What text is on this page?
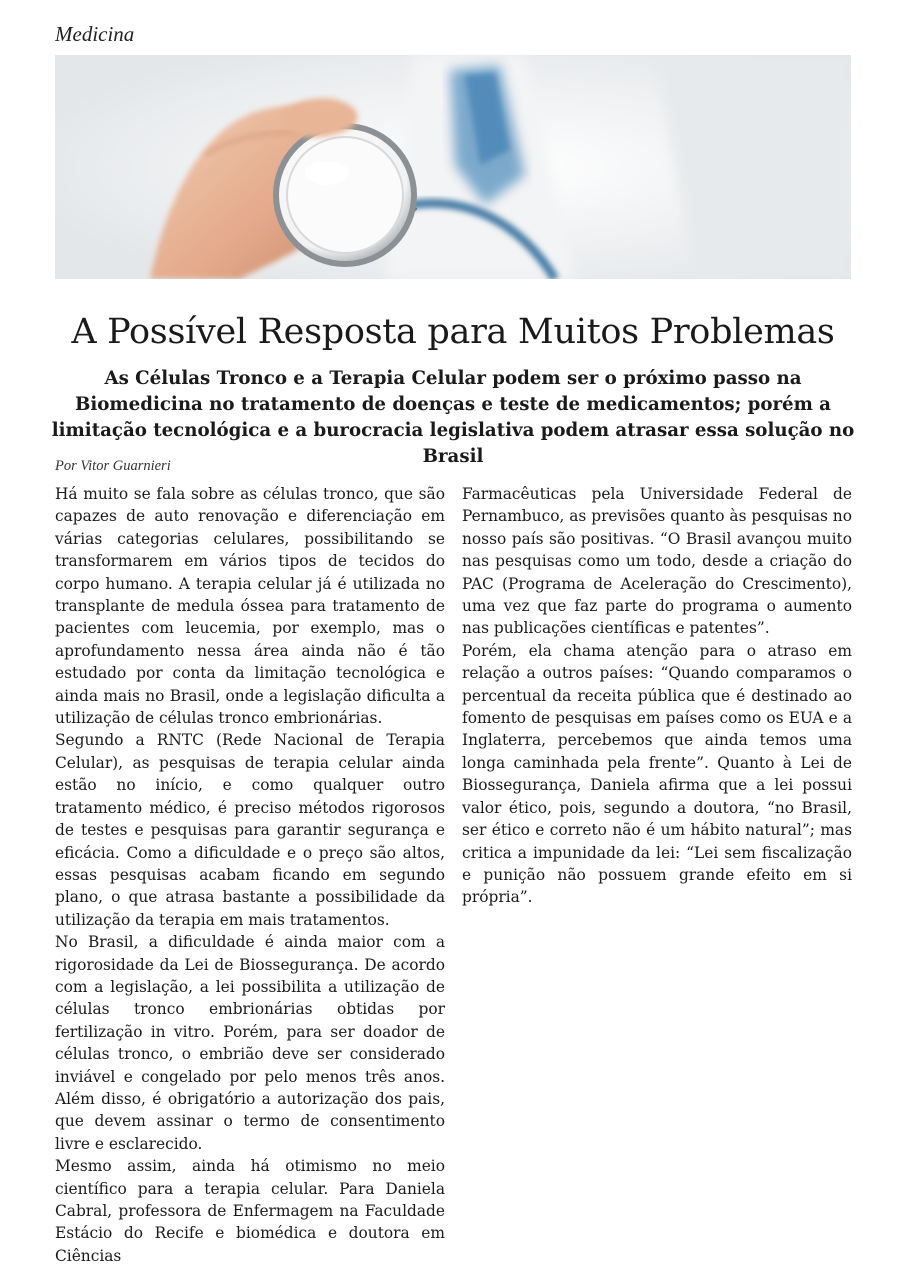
Medicina
A Possível Resposta para Muitos Problemas
As Células Tronco e a Terapia Celular podem ser o próximo passo na Biomedicina no tratamento de doenças e teste de medicamentos; porém a limitação tecnológica e a burocracia legislativa podem atrasar essa solução no Brasil
Por Vitor Guarnieri

Há muito se fala sobre as células tronco, que são capazes de auto renovação e diferenciação em várias categorias celulares, possibilitando se transformarem em vários tipos de tecidos do corpo humano. A terapia celular já é utilizada no transplante de medula óssea para tratamento de pacientes com leucemia, por exemplo, mas o aprofundamento nessa área ainda não é tão estudado por conta da limitação tecnológica e ainda mais no Brasil, onde a legislação dificulta a utilização de células tronco embrionárias.

Segundo a RNTC (Rede Nacional de Terapia Celular), as pesquisas de terapia celular ainda estão no início, e como qualquer outro tratamento médico, é preciso métodos rigorosos de testes e pesquisas para garantir segurança e eficácia. Como a dificuldade e o preço são altos, essas pesquisas acabam ficando em segundo plano, o que atrasa bastante a possibilidade da utilização da terapia em mais tratamentos.

No Brasil, a dificuldade é ainda maior com a rigorosidade da Lei de Biossegurança. De acordo com a legislação, a lei possibilita a utilização de células tronco embrionárias obtidas por fertilização in vitro. Porém, para ser doador de células tronco, o embrião deve ser considerado inviável e congelado por pelo menos três anos. Além disso, é obrigatório a autorização dos pais, que devem assinar o termo de consentimento livre e esclarecido.

Mesmo assim, ainda há otimismo no meio científico para a terapia celular. Para Daniela Cabral, professora de Enfermagem na Faculdade Estácio do Recife e biomédica e doutora em Ciências

Farmacêuticas pela Universidade Federal de Pernambuco, as previsões quanto às pesquisas no nosso país são positivas. “O Brasil avançou muito nas pesquisas como um todo, desde a criação do PAC (Programa de Aceleração do Crescimento), uma vez que faz parte do programa o aumento nas publicações científicas e patentes”.

Porém, ela chama atenção para o atraso em relação a outros países: “Quando comparamos o percentual da receita pública que é destinado ao fomento de pesquisas em países como os EUA e a Inglaterra, percebemos que ainda temos uma longa caminhada pela frente”. Quanto à Lei de Biossegurança, Daniela afirma que a lei possui valor ético, pois, segundo a doutora, “no Brasil, ser ético e correto não é um hábito natural”; mas critica a impunidade da lei: “Lei sem fiscalização e punição não possuem grande efeito em si própria”.
